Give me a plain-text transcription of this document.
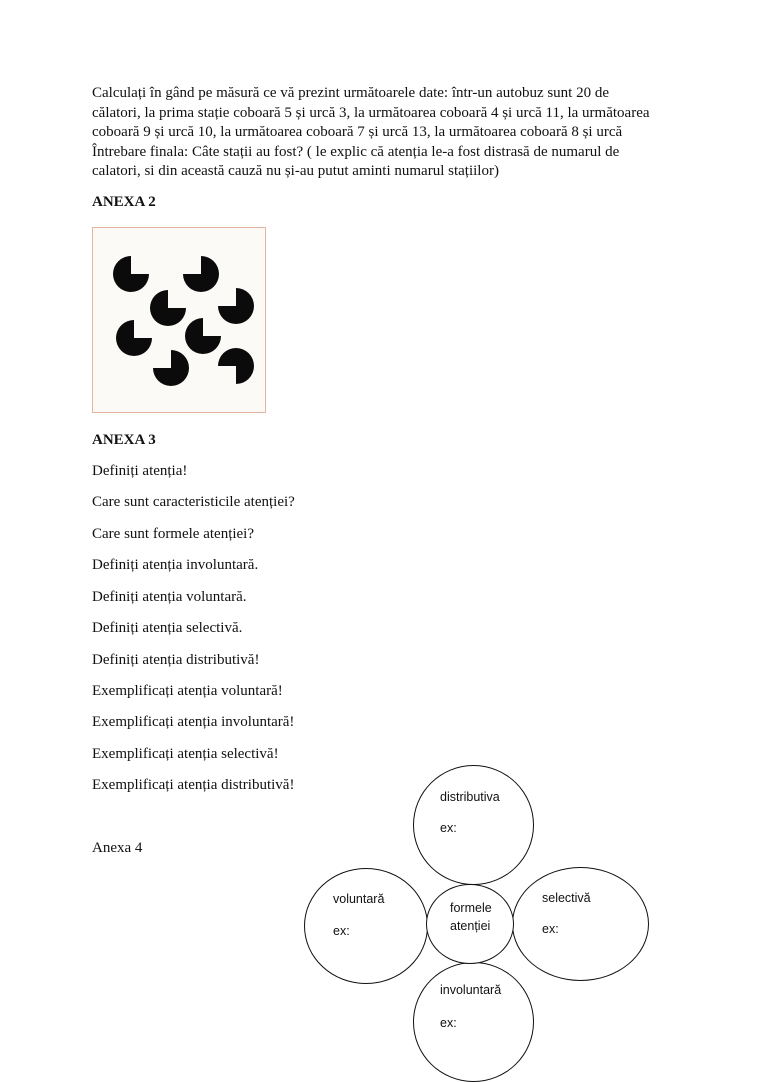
Calculați în gând pe măsură ce vă prezint următoarele date: într-un autobuz sunt 20 de
călatori, la prima stație coboară 5 și urcă 3, la următoarea coboară 4 și urcă 11, la următoarea
coboară 9 și urcă 10, la următoarea coboară 7 și urcă 13, la următoarea coboară 8 și urcă
Întrebare finala: Câte stații au fost? ( le explic că atenția le-a fost distrasă de numarul de
calatori, si din această cauză nu și-au putut aminti numarul stațiilor)

ANEXA 2

ANEXA 3

Definiți atenția!

Care sunt caracteristicile atenției?

Care sunt formele atenției?

Definiți atenția involuntară.

Definiți atenția voluntară.

Definiți atenția selectivă.

Definiți atenția distributivă!

Exemplificați atenția voluntară!

Exemplificați atenția involuntară!

Exemplificați atenția selectivă!

Exemplificați atenția distributivă!

Anexa 4

distributiva
ex:
voluntară
ex:
selectivă
ex:
involuntară
ex:
formele atenției
